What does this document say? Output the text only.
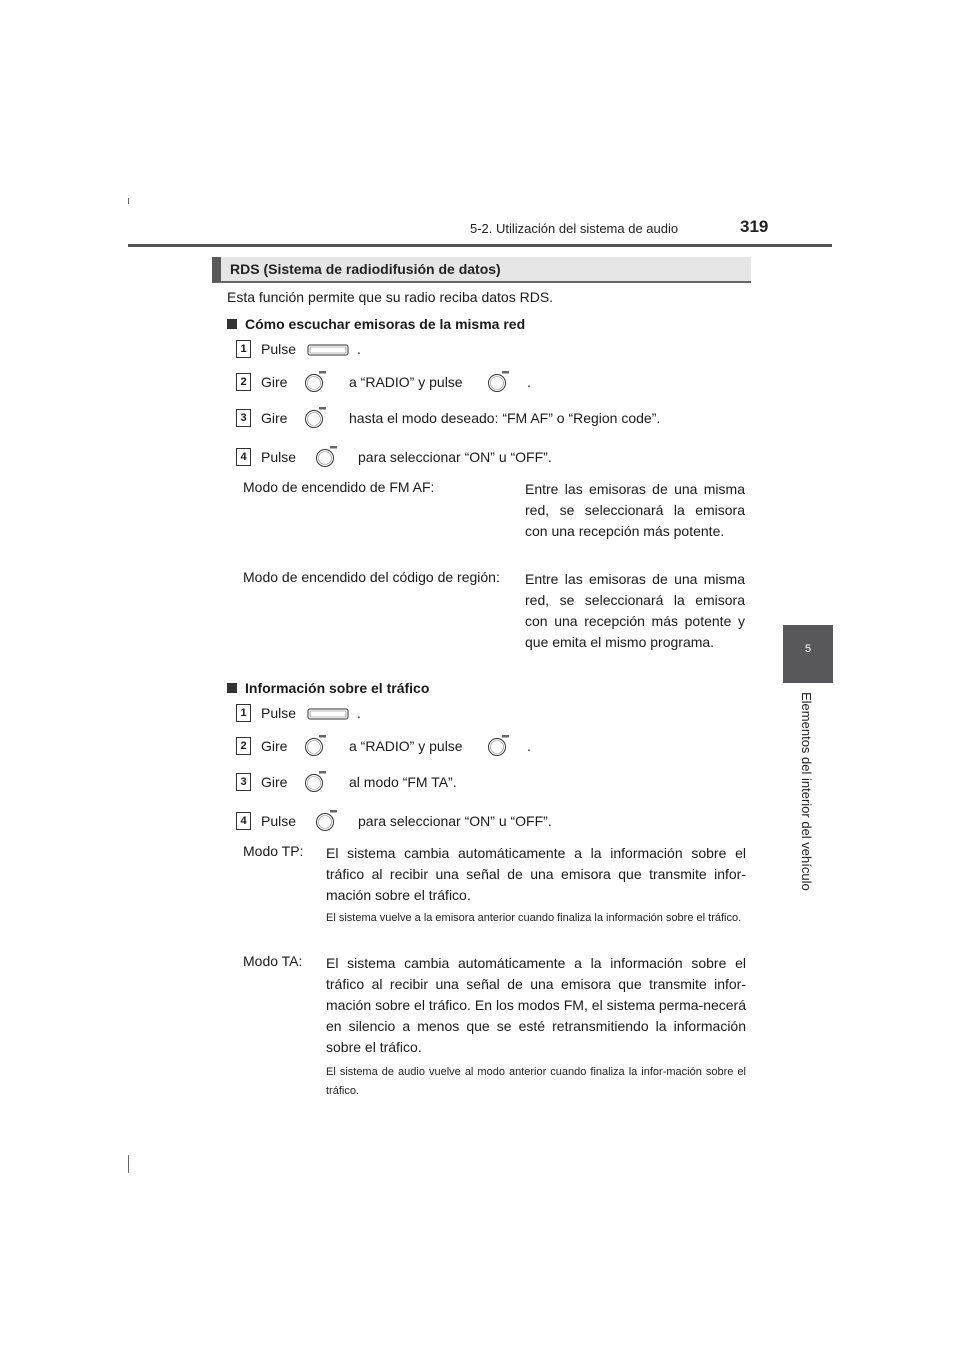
5-2. Utilización del sistema de audio	319
5
Elementos del interior del vehículo
RDS (Sistema de radiodifusión de datos)
Esta función permite que su radio reciba datos RDS.
Cómo escuchar emisoras de la misma red
1	Pulse	.
2	Gire	a “RADIO” y pulse	.
3	Gire	hasta el modo deseado: “FM AF” o “Region code”.
4	Pulse	para seleccionar “ON” u “OFF”.
Modo de encendido de FM AF:	Entre las emisoras de una misma red, se seleccionará la emisora con una recepción más potente.
Modo de encendido del código de región: Entre las emisoras de una misma red, se seleccionará la emisora con una recepción más potente y que emita el mismo programa.
Información sobre el tráfico
1	Pulse	.
2	Gire	a “RADIO” y pulse	.
3	Gire	al modo “FM TA”.
4	Pulse	para seleccionar “ON” u “OFF”.
Modo TP: El sistema cambia automáticamente a la información sobre el tráfico al recibir una señal de una emisora que transmite infor-mación sobre el tráfico.
El sistema vuelve a la emisora anterior cuando finaliza la información sobre el tráfico.
Modo TA: El sistema cambia automáticamente a la información sobre el tráfico al recibir una señal de una emisora que transmite infor-mación sobre el tráfico. En los modos FM, el sistema perma-necerá en silencio a menos que se esté retransmitiendo la información sobre el tráfico.
El sistema de audio vuelve al modo anterior cuando finaliza la infor-mación sobre el tráfico.
